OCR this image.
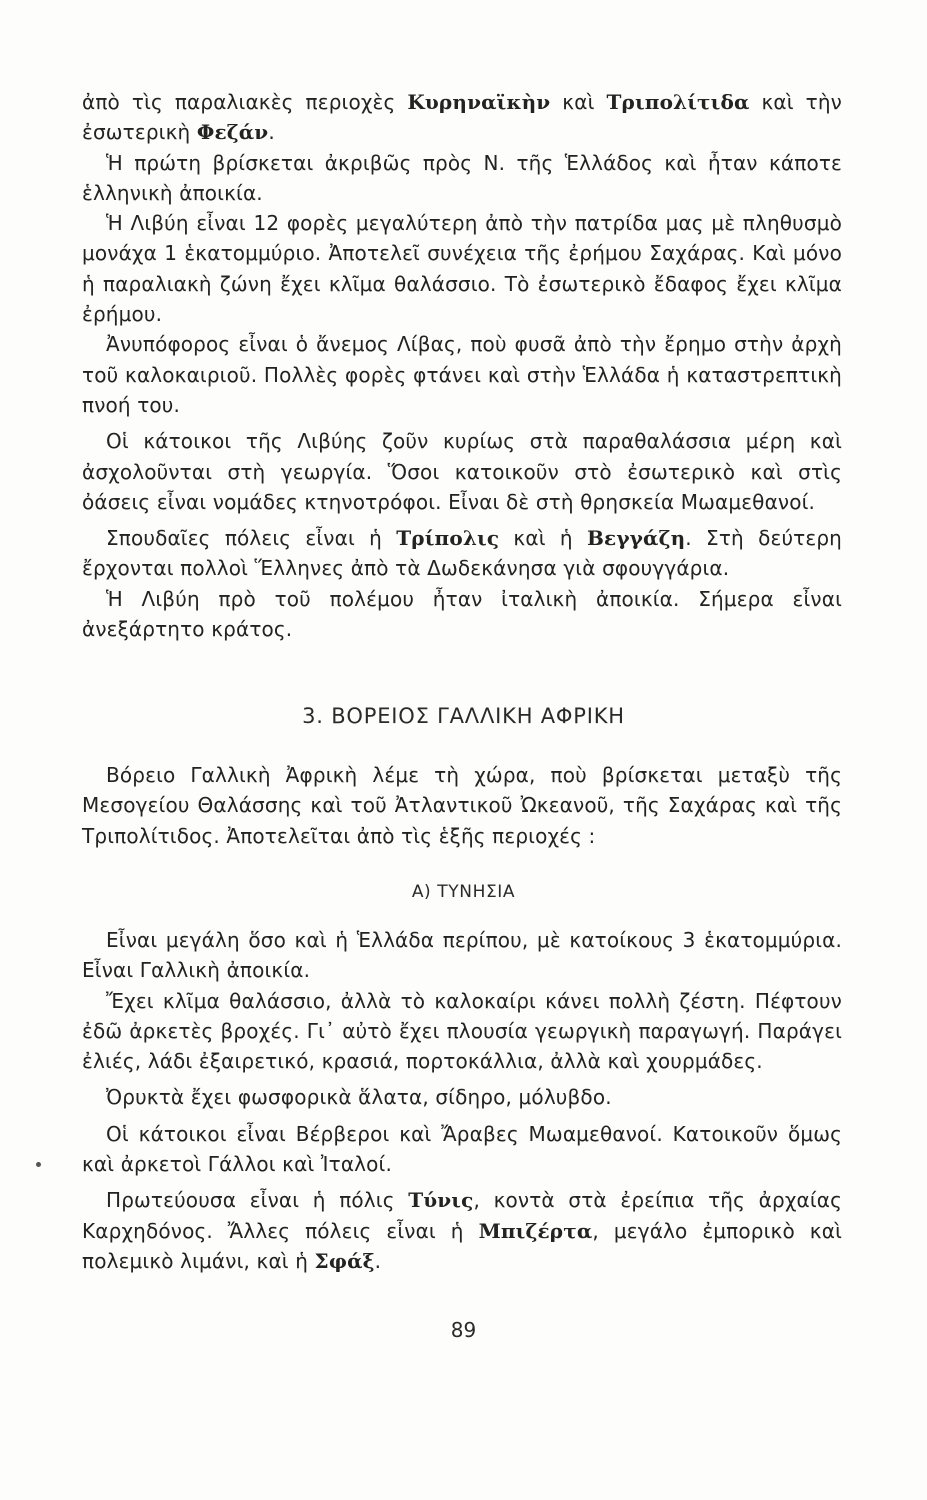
ἀπὸ τὶς παραλιακὲς περιοχὲς Κυρηναϊκὴν καὶ Τριπολίτιδα καὶ τὴν ἐσωτερικὴ Φεζάν.

Ἡ πρώτη βρίσκεται ἀκριβῶς πρὸς Ν. τῆς Ἑλλάδος καὶ ἦταν κάποτε ἑλληνικὴ ἀποικία.

Ἡ Λιβύη εἶναι 12 φορὲς μεγαλύτερη ἀπὸ τὴν πατρίδα μας μὲ πληθυσμὸ μονάχα 1 ἑκατομμύριο. Ἀποτελεῖ συνέχεια τῆς ἐρήμου Σαχάρας. Καὶ μόνο ἡ παραλιακὴ ζώνη ἔχει κλῖμα θαλάσσιο. Τὸ ἐσωτερικὸ ἔδαφος ἔχει κλῖμα ἐρήμου.

Ἀνυπόφορος εἶναι ὁ ἄνεμος Λίβας, ποὺ φυσᾶ ἀπὸ τὴν ἔρημο στὴν ἀρχὴ τοῦ καλοκαιριοῦ. Πολλὲς φορὲς φτάνει καὶ στὴν Ἑλλάδα ἡ καταστρεπτικὴ πνοή του.

Οἱ κάτοικοι τῆς Λιβύης ζοῦν κυρίως στὰ παραθαλάσσια μέρη καὶ ἀσχολοῦνται στὴ γεωργία. Ὅσοι κατοικοῦν στὸ ἐσωτερικὸ καὶ στὶς ὀάσεις εἶναι νομάδες κτηνοτρόφοι. Εἶναι δὲ στὴ θρησκεία Μωαμεθανοί.

Σπουδαῖες πόλεις εἶναι ἡ Τρίπολις καὶ ἡ Βεγγάζη. Στὴ δεύτερη ἔρχονται πολλοὶ Ἕλληνες ἀπὸ τὰ Δωδεκάνησα γιὰ σφουγγάρια.

Ἡ Λιβύη πρὸ τοῦ πολέμου ἦταν ἰταλικὴ ἀποικία. Σήμερα εἶναι ἀνεξάρτητο κράτος.

3. ΒΟΡΕΙΟΣ ΓΑΛΛΙΚΗ ΑΦΡΙΚΗ

Βόρειο Γαλλικὴ Ἀφρικὴ λέμε τὴ χώρα, ποὺ βρίσκεται μεταξὺ τῆς Μεσογείου Θαλάσσης καὶ τοῦ Ἀτλαντικοῦ Ὠκεανοῦ, τῆς Σαχάρας καὶ τῆς Τριπολίτιδος. Ἀποτελεῖται ἀπὸ τὶς ἑξῆς περιοχές :

Α) ΤΥΝΗΣΙΑ

Εἶναι μεγάλη ὅσο καὶ ἡ Ἑλλάδα περίπου, μὲ κατοίκους 3 ἑκατομμύρια. Εἶναι Γαλλικὴ ἀποικία.

Ἔχει κλῖμα θαλάσσιο, ἀλλὰ τὸ καλοκαίρι κάνει πολλὴ ζέστη. Πέφτουν ἐδῶ ἀρκετὲς βροχές. Γι᾿ αὐτὸ ἔχει πλουσία γεωργικὴ παραγωγή. Παράγει ἐλιές, λάδι ἐξαιρετικό, κρασιά, πορτοκάλλια, ἀλλὰ καὶ χουρμάδες.

Ὀρυκτὰ ἔχει φωσφορικὰ ἅλατα, σίδηρο, μόλυβδο.

Οἱ κάτοικοι εἶναι Βέρβεροι καὶ Ἄραβες Μωαμεθανοί. Κατοικοῦν ὅμως καὶ ἀρκετοὶ Γάλλοι καὶ Ἰταλοί.

Πρωτεύουσα εἶναι ἡ πόλις Τύνις, κοντὰ στὰ ἐρείπια τῆς ἀρχαίας Καρχηδόνος. Ἄλλες πόλεις εἶναι ἡ Μπιζέρτα, μεγάλο ἐμπορικὸ καὶ πολεμικὸ λιμάνι, καὶ ἡ Σφάξ.

89
